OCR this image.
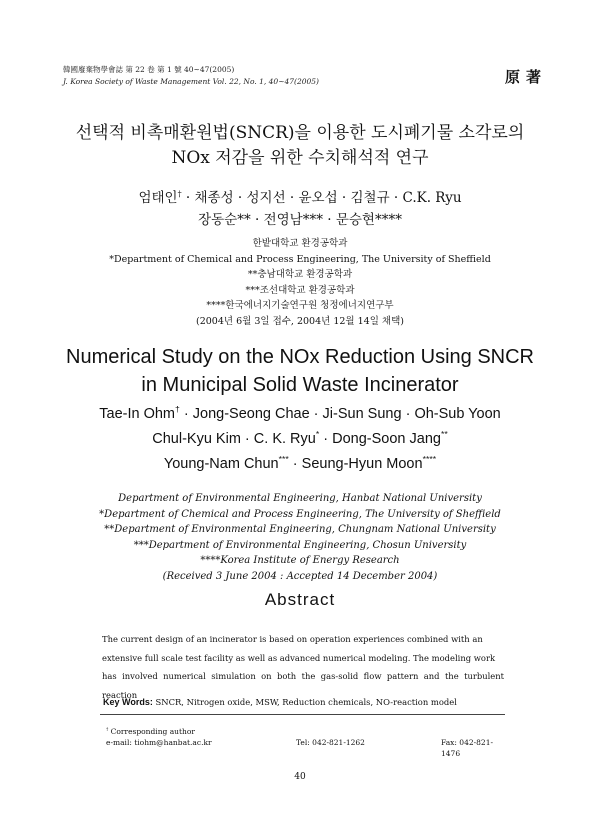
韓國廢棄物學會誌 第 22 卷 第 1 號 40~47(2005)
J. Korea Society of Waste Management Vol. 22, No. 1, 40~47(2005)	原著
선택적 비촉매환원법(SNCR)을 이용한 도시폐기물 소각로의
NOx 저감을 위한 수치해석적 연구
엄태인† · 채종성 · 성지선 · 윤오섭 · 김철규 · C.K. Ryu
장동순** · 전영남*** · 문승현****
한밭대학교 환경공학과
*Department of Chemical and Process Engineering, The University of Sheffield
**충남대학교 환경공학과
***조선대학교 환경공학과
****한국에너지기술연구원 청정에너지연구부
(2004년 6월 3일 접수, 2004년 12월 14일 채택)
Numerical Study on the NOx Reduction Using SNCR
in Municipal Solid Waste Incinerator
Tae-In Ohm† · Jong-Seong Chae · Ji-Sun Sung · Oh-Sub Yoon
Chul-Kyu Kim · C. K. Ryu* · Dong-Soon Jang**
Young-Nam Chun*** · Seung-Hyun Moon****
Department of Environmental Engineering, Hanbat National University
*Department of Chemical and Process Engineering, The University of Sheffield
**Department of Environmental Engineering, Chungnam National University
***Department of Environmental Engineering, Chosun University
****Korea Institute of Energy Research
(Received 3 June 2004 : Accepted 14 December 2004)
Abstract
The current design of an incinerator is based on operation experiences combined with an
extensive full scale test facility as well as advanced numerical modeling. The modeling work
has involved numerical simulation on both the gas-solid flow pattern and the turbulent reaction
Key Words: SNCR, Nitrogen oxide, MSW, Reduction chemicals, NO-reaction model
† Corresponding author
e-mail: tiohm@hanbat.ac.kr	Tel: 042-821-1262	Fax: 042-821-1476
40
